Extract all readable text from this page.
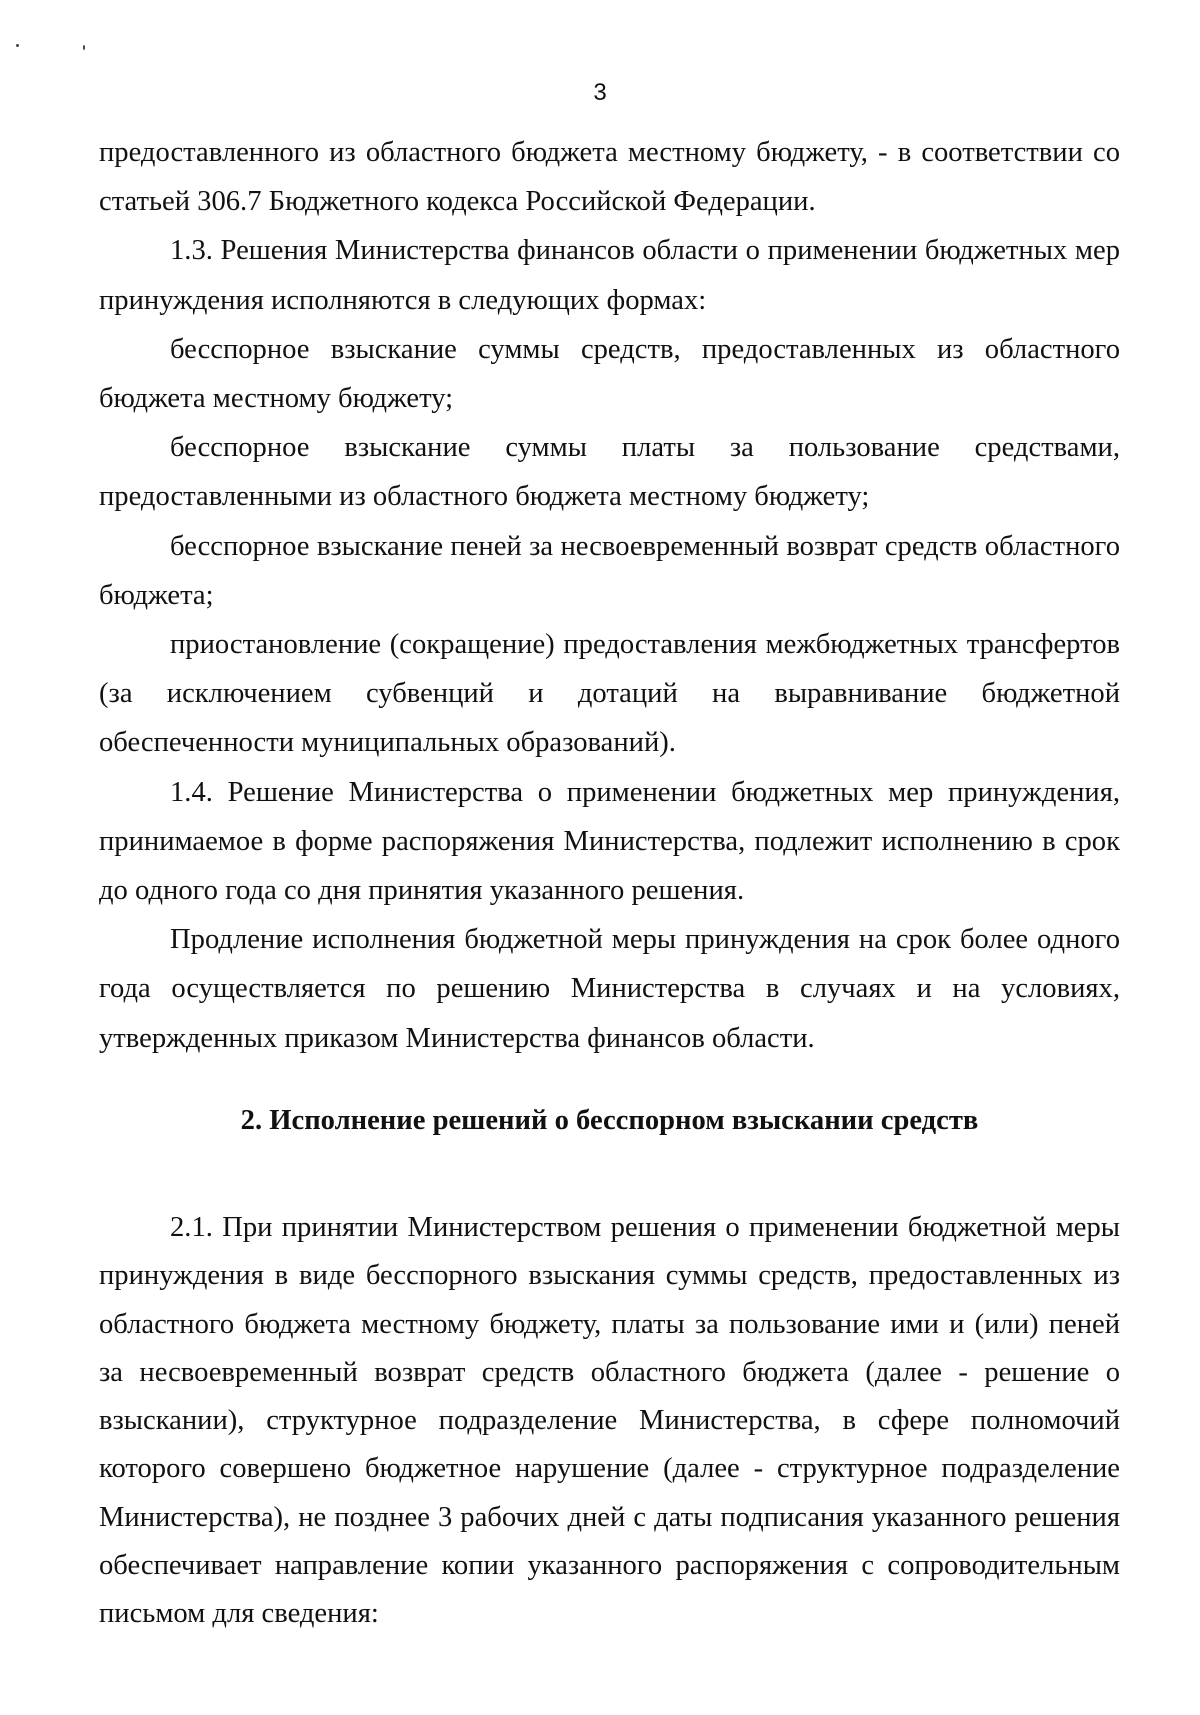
3

предоставленного из областного бюджета местному бюджету, - в соответствии со статьей 306.7 Бюджетного кодекса Российской Федерации.

1.3. Решения Министерства финансов области о применении бюджетных мер принуждения исполняются в следующих формах:

бесспорное взыскание суммы средств, предоставленных из областного бюджета местному бюджету;

бесспорное взыскание суммы платы за пользование средствами, предоставленными из областного бюджета местному бюджету;

бесспорное взыскание пеней за несвоевременный возврат средств областного бюджета;

приостановление (сокращение) предоставления межбюджетных трансфертов (за исключением субвенций и дотаций на выравнивание бюджетной обеспеченности муниципальных образований).

1.4. Решение Министерства о применении бюджетных мер принуждения, принимаемое в форме распоряжения Министерства, подлежит исполнению в срок до одного года со дня принятия указанного решения.

Продление исполнения бюджетной меры принуждения на срок более одного года осуществляется по решению Министерства в случаях и на условиях, утвержденных приказом Министерства финансов области.

2. Исполнение решений о бесспорном взыскании средств

2.1. При принятии Министерством решения о применении бюджетной меры принуждения в виде бесспорного взыскания суммы средств, предоставленных из областного бюджета местному бюджету, платы за пользование ими и (или) пеней за несвоевременный возврат средств областного бюджета (далее - решение о взыскании), структурное подразделение Министерства, в сфере полномочий которого совершено бюджетное нарушение (далее - структурное подразделение Министерства), не позднее 3 рабочих дней с даты подписания указанного решения обеспечивает направление копии указанного распоряжения с сопроводительным письмом для сведения:
